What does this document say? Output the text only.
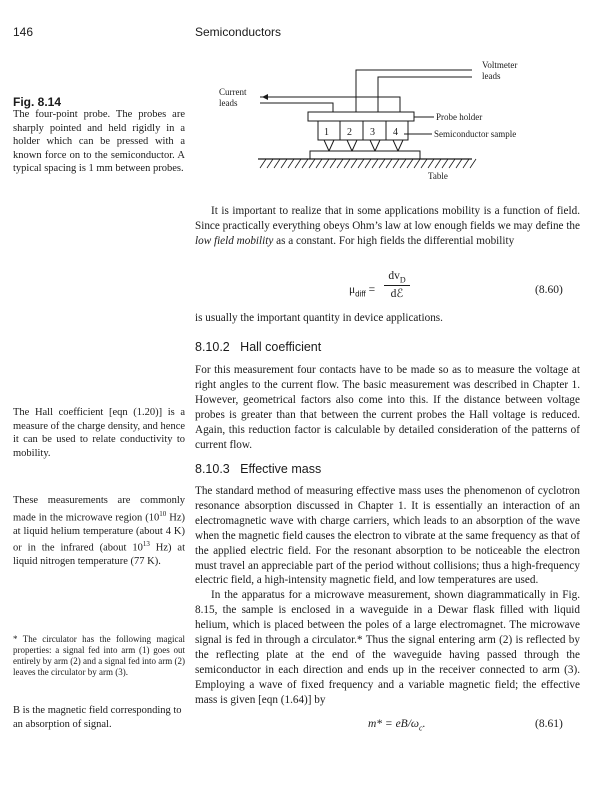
146	Semiconductors
Fig. 8.14
The four-point probe. The probes are sharply pointed and held rigidly in a holder which can be pressed with a known force on to the semiconductor. A typical spacing is 1 mm between probes.
Voltmeter
leads
Current
leads
1 2 3 4
Probe holder
Semiconductor sample
Table

It is important to realize that in some applications mobility is a function of field. Since practically everything obeys Ohm’s law at low enough fields we may define the low field mobility as a constant. For high fields the differential mobility

$\mu_{diff}$ =
$dv_D$
dℰ	(8.60)
is usually the important quantity in device applications.
8.10.2   Hall coefficient
For this measurement four contacts have to be made so as to measure the voltage at right angles to the current flow. The basic measurement was described in Chapter 1. However, geometrical factors also come into this. If the distance between voltage probes is greater than that between the current probes the Hall voltage is reduced. Again, this reduction factor is calculable by detailed consideration of the patterns of current flow.
The Hall coefficient [eqn (1.20)] is a measure of the charge density, and hence it can be used to relate conductivity to mobility.
8.10.3   Effective mass

The standard method of measuring effective mass uses the phenomenon of cyclotron resonance absorption discussed in Chapter 1. It is essentially an interaction of an electromagnetic wave with charge carriers, which leads to an absorption of the wave when the magnetic field causes the electron to vibrate at the same frequency as that of the applied electric field. For the resonant absorption to be noticeable the electron must travel an appreciable part of the period without collisions; thus a high-frequency electric field, a high-intensity magnetic field, and low temperatures are used.

In the apparatus for a microwave measurement, shown diagrammatically in Fig. 8.15, the sample is enclosed in a waveguide in a Dewar flask filled with liquid helium, which is placed between the poles of a large electromagnet. The microwave signal is fed in through a circulator.* Thus the signal entering arm (2) is reflected by the reflecting plate at the end of the waveguide having passed through the semiconductor in each direction and ends up in the receiver connected to arm (3). Employing a wave of fixed frequency and a variable magnetic field; the effective mass is given [eqn (1.64)] by

These measurements are commonly made in the microwave region ($10^{10}$ Hz) at liquid helium temperature (about 4 K) or in the infrared (about $10^{13}$ Hz) at liquid nitrogen temperature (77 K).
* The circulator has the following magical properties: a signal fed into arm (1) goes out entirely by arm (2) and a signal fed into arm (2) leaves the circulator by arm (3).
B is the magnetic field corresponding to an absorption of signal.	$m* = eB/\omega_c$.	(8.61)
